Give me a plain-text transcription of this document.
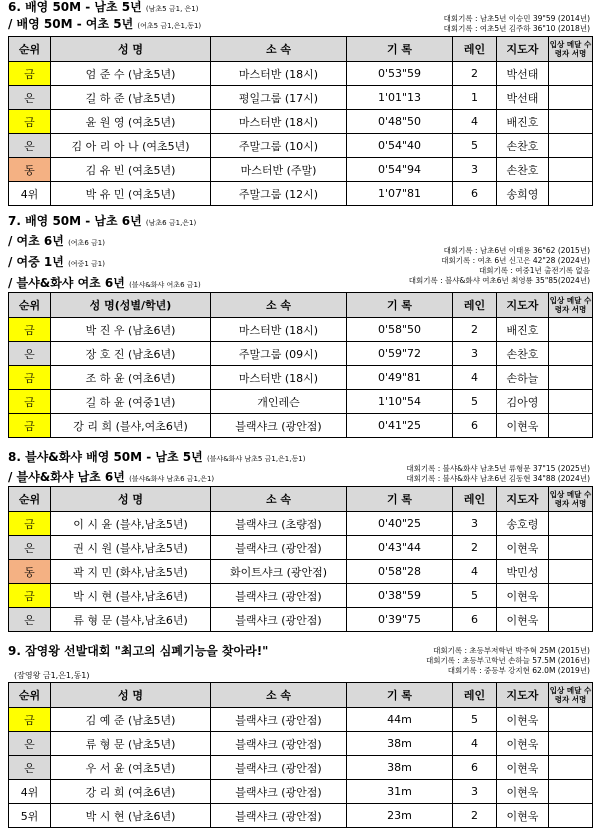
6. 배영 50M - 남초 5년 (남초5 금1, 은1)
/ 배영 50M - 여초 5년 (여초5 금1,은1,동1)
대회기록 : 남초5년 이승민 39"59 (2014년)
대회기록 : 여초5년 김주하 36"10 (2018년)
순위	성 명	소 속	기 록	레인	지도자	입상 메달 수령자 서명
금	엄 준 수 (남초5년)	마스터반 (18시)	0'53"59	2	박선태	
은	길 하 준 (남초5년)	평일그룹 (17시)	1'01"13	1	박선태	
금	윤 원 영 (여초5년)	마스터반 (18시)	0'48"50	4	배진호	
은	김 아 리 아 나 (여초5년)	주말그룹 (10시)	0'54"40	5	손찬호	
동	김 유 빈 (여초5년)	마스터반 (주말)	0'54"94	3	손찬호	
4위	박 유 민 (여초5년)	주말그룹 (12시)	1'07"81	6	송희영	
7. 배영 50M - 남초 6년 (남초6 금1,은1)
/ 여초 6년 (여초6 금1)
/ 여중 1년 (여중1 금1)
/ 블샤&화샤 여초 6년 (블샤&화샤 여초6 금1)
대회기록 : 남초6년 이태용 36"62 (2015년)
대회기록 : 여초 6년 신고은 42"28 (2024년)
대회기록 : 여중1년 출전기록 없음
대회기록 : 블샤&화샤 여초6년 최영룡 35"85(2024년)
순위	성 명(성별/학년)	소 속	기 록	레인	지도자	입상 메달 수령자 서명
금	박 진 우 (남초6년)	마스터반 (18시)	0'58"50	2	배진호	
은	장 호 진 (남초6년)	주말그룹 (09시)	0'59"72	3	손찬호	
금	조 하 윤 (여초6년)	마스터반 (18시)	0'49"81	4	손하늘	
금	길 하 윤 (여중1년)	개인레슨	1'10"54	5	김아영	
금	강 리 희 (블샤,여초6년)	블랙샤크 (광안점)	0'41"25	6	이현욱	
8. 블샤&화샤 배영 50M - 남초 5년 (블샤&화샤 남초5 금1,은1,동1)
/ 블샤&화샤 남초 6년 (블샤&화샤 남초6 금1,은1)
대회기록 : 블샤&화샤 남초5년 류형문 37"15 (2025년)
대회기록 : 블샤&화샤 남초6년 김동현 34"88 (2024년)
순위	성 명	소 속	기 록	레인	지도자	입상 메달 수령자 서명
금	이 시 윤 (블샤,남초5년)	블랙샤크 (초량점)	0'40"25	3	송호령	
은	권 시 원 (블샤,남초5년)	블랙샤크 (광안점)	0'43"44	2	이현욱	
동	곽 지 민 (화샤,남초5년)	화이트샤크 (광안점)	0'58"28	4	박민성	
금	박 시 현 (블샤,남초6년)	블랙샤크 (광안점)	0'38"59	5	이현욱	
은	류 형 문 (블샤,남초6년)	블랙샤크 (광안점)	0'39"75	6	이현욱	
9. 잠영왕 선발대회 "최고의 심폐기능을 찾아라!"
(잠영왕 금1,은1,동1)
대회기록 : 초등부저학년 박주혁 25M (2015년)
대회기록 : 초등부고학년 손하늘 57.5M (2016년)
대회기록 : 중등부 강지현 62.0M (2019년)
순위	성 명	소 속	기 록	레인	지도자	입상 메달 수령자 서명
금	김 예 준 (남초5년)	블랙샤크 (광안점)	44m	5	이현욱	
은	류 형 문 (남초5년)	블랙샤크 (광안점)	38m	4	이현욱	
은	우 서 윤 (여초5년)	블랙샤크 (광안점)	38m	6	이현욱	
4위	강 리 희 (여초6년)	블랙샤크 (광안점)	31m	3	이현욱	
5위	박 시 현 (남초6년)	블랙샤크 (광안점)	23m	2	이현욱	
